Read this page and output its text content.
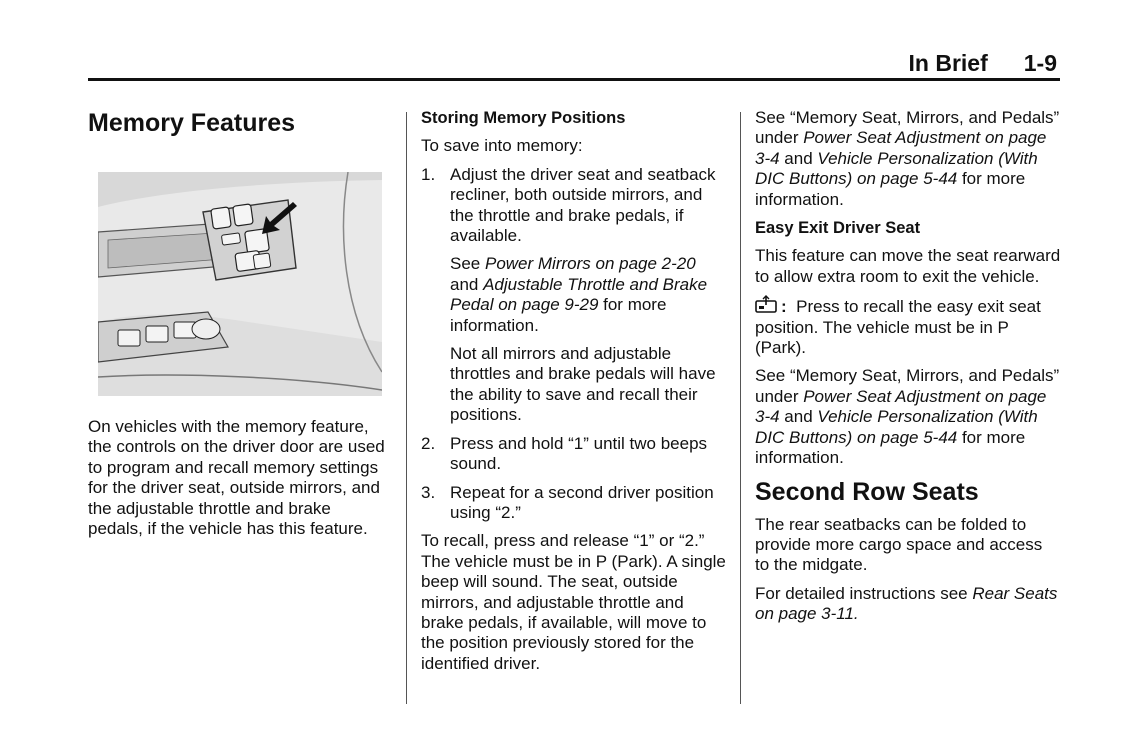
In Brief 1-9
Memory Features

On vehicles with the memory feature, the controls on the driver door are used to program and recall memory settings for the driver seat, outside mirrors, and the adjustable throttle and brake pedals, if the vehicle has this feature.

Storing Memory Positions

To save into memory:

1. Adjust the driver seat and seatback recliner, both outside mirrors, and the throttle and brake pedals, if available.
See Power Mirrors on page 2-20 and Adjustable Throttle and Brake Pedal on page 9-29 for more information.
Not all mirrors and adjustable throttles and brake pedals will have the ability to save and recall their positions.
2. Press and hold “1” until two beeps sound.
3. Repeat for a second driver position using “2.”

To recall, press and release “1” or “2.” The vehicle must be in P (Park). A single beep will sound. The seat, outside mirrors, and adjustable throttle and brake pedals, if available, will move to the position previously stored for the identified driver.

See “Memory Seat, Mirrors, and Pedals” under Power Seat Adjustment on page 3-4 and Vehicle Personalization (With DIC Buttons) on page 5-44 for more information.

Easy Exit Driver Seat

This feature can move the seat rearward to allow extra room to exit the vehicle.

: Press to recall the easy exit seat position. The vehicle must be in P (Park).

See “Memory Seat, Mirrors, and Pedals” under Power Seat Adjustment on page 3-4 and Vehicle Personalization (With DIC Buttons) on page 5-44 for more information.

Second Row Seats

The rear seatbacks can be folded to provide more cargo space and access to the midgate.

For detailed instructions see Rear Seats on page 3-11.
